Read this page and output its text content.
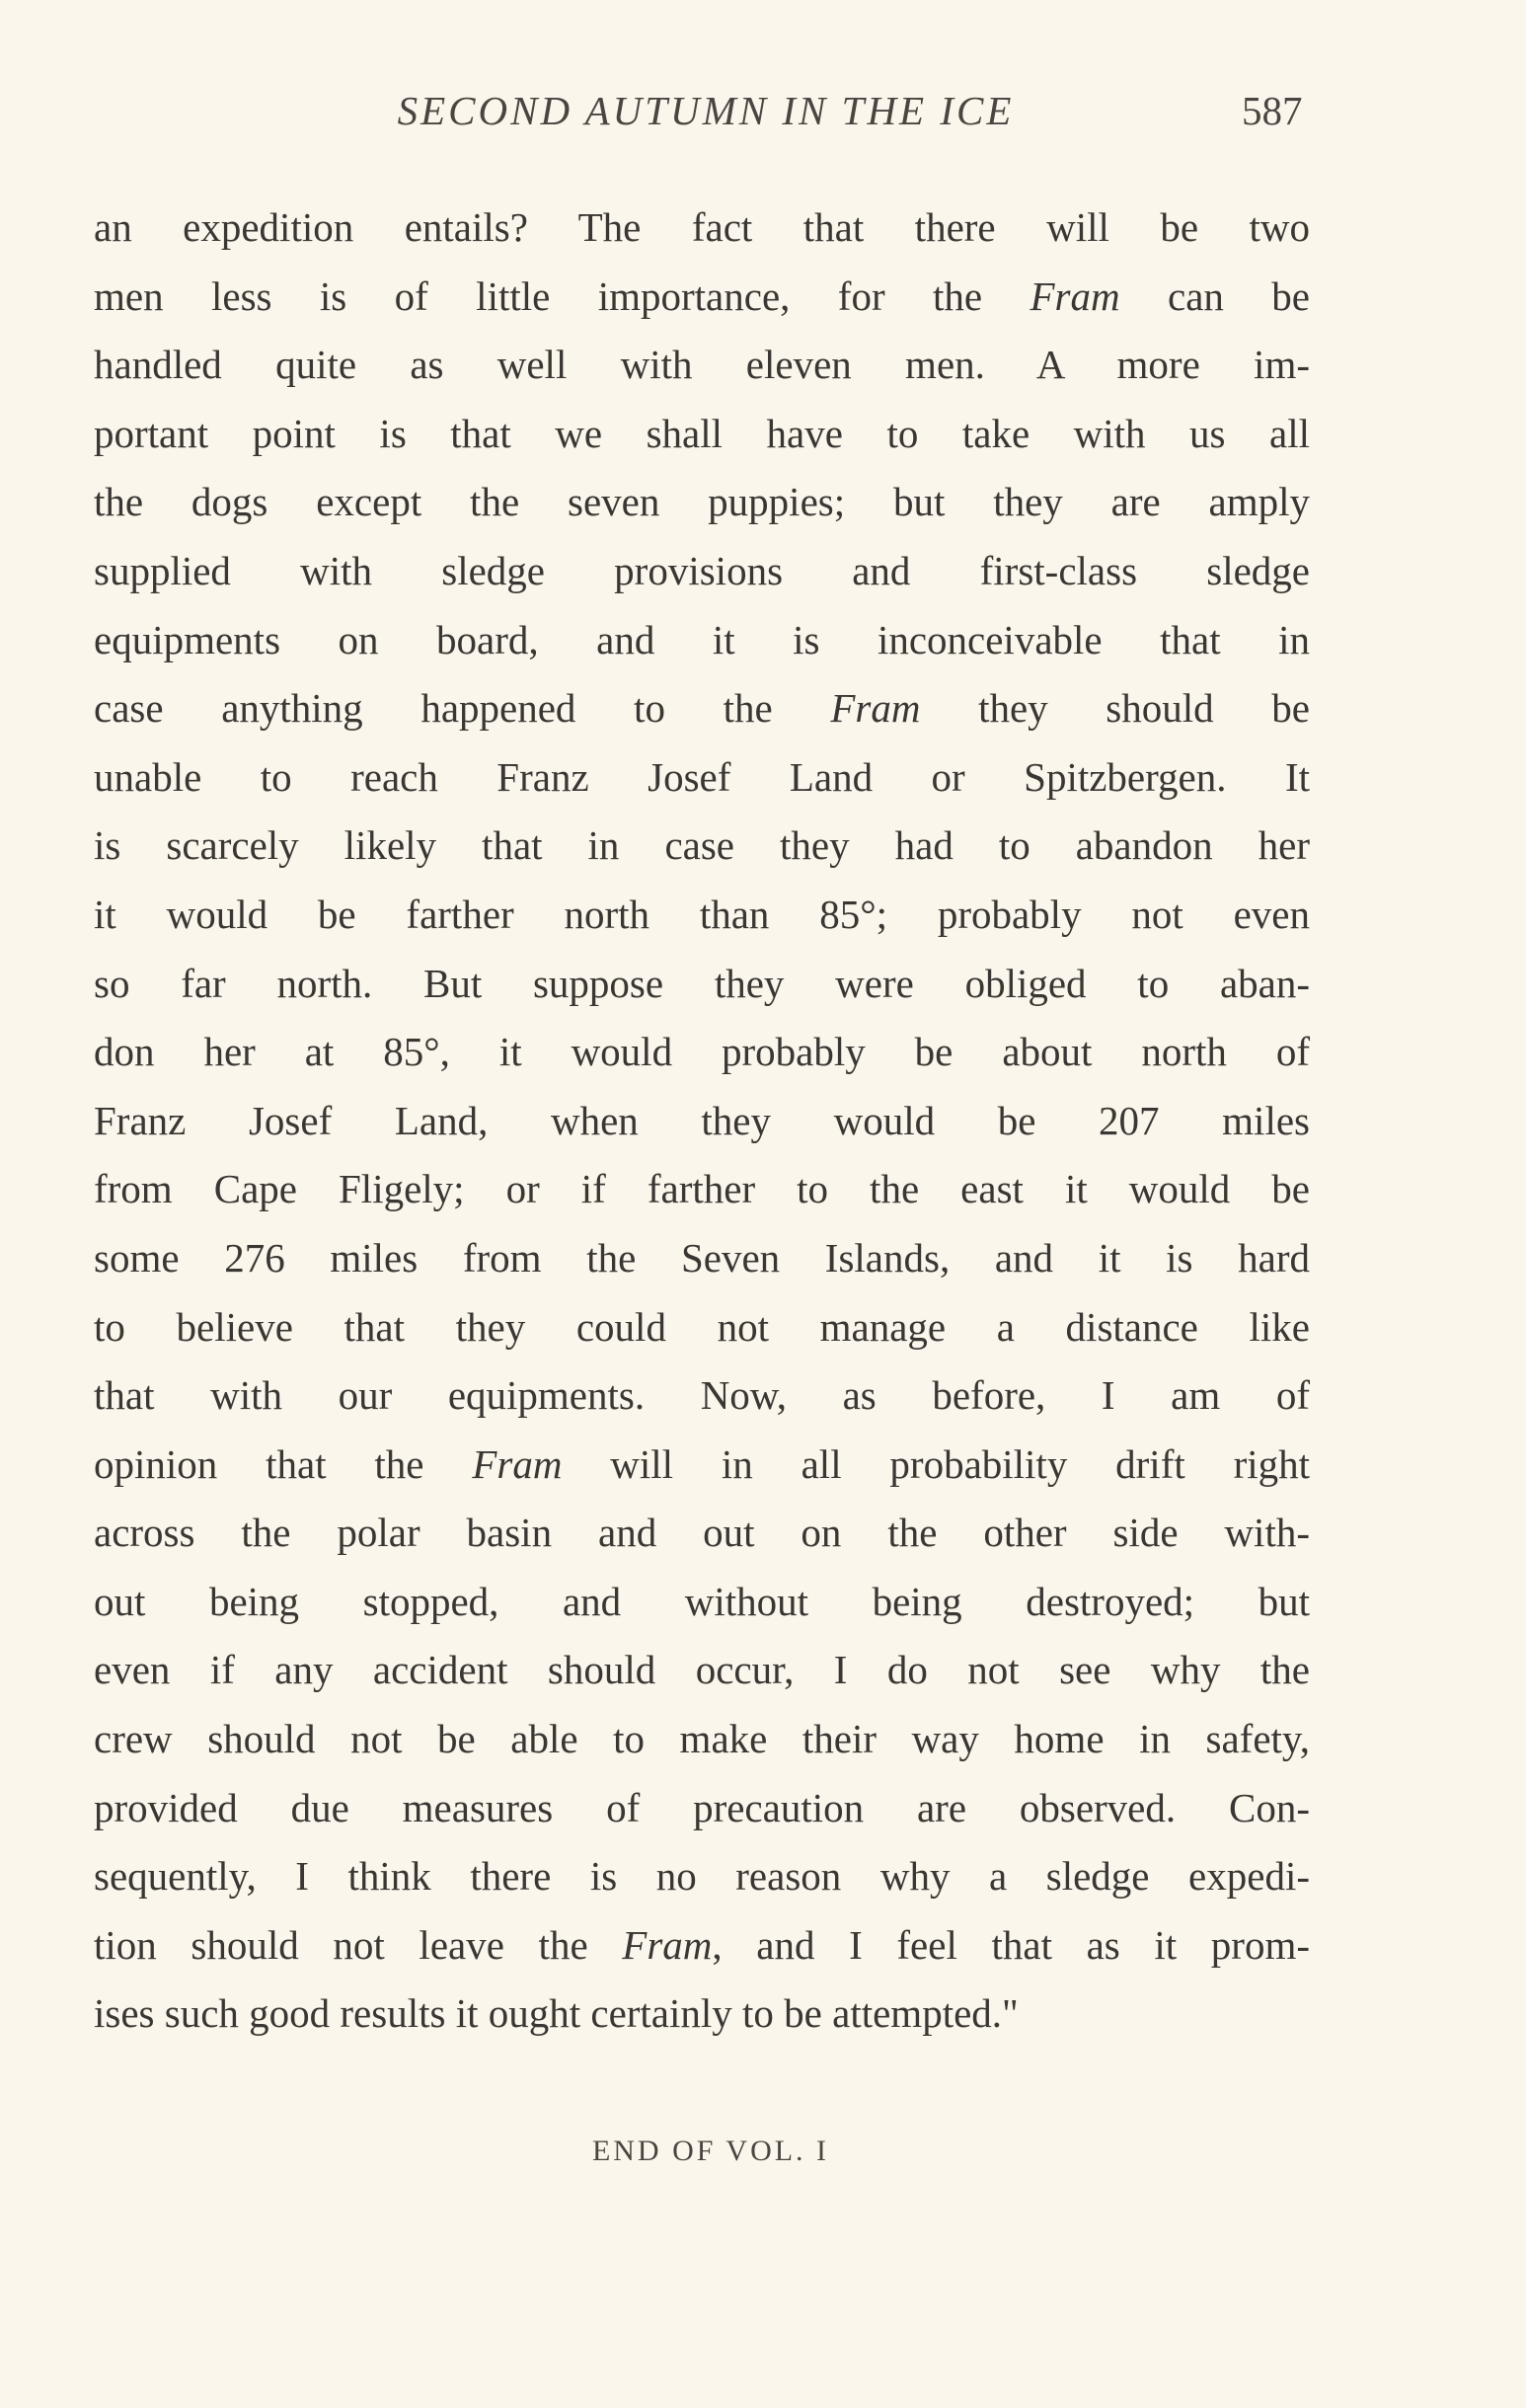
SECOND AUTUMN IN THE ICE	587
an expedition entails? The fact that there will be two
men less is of little importance, for the Fram can be
handled quite as well with eleven men. A more im-
portant point is that we shall have to take with us all
the dogs except the seven puppies; but they are amply
supplied with sledge provisions and first-class sledge
equipments on board, and it is inconceivable that in
case anything happened to the Fram they should be
unable to reach Franz Josef Land or Spitzbergen. It
is scarcely likely that in case they had to abandon her
it would be farther north than 85°; probably not even
so far north. But suppose they were obliged to aban-
don her at 85°, it would probably be about north of
Franz Josef Land, when they would be 207 miles
from Cape Fligely; or if farther to the east it would be
some 276 miles from the Seven Islands, and it is hard
to believe that they could not manage a distance like
that with our equipments. Now, as before, I am of
opinion that the Fram will in all probability drift right
across the polar basin and out on the other side with-
out being stopped, and without being destroyed; but
even if any accident should occur, I do not see why the
crew should not be able to make their way home in safety,
provided due measures of precaution are observed. Con-
sequently, I think there is no reason why a sledge expedi-
tion should not leave the Fram, and I feel that as it prom-
ises such good results it ought certainly to be attempted."
END OF VOL. I
